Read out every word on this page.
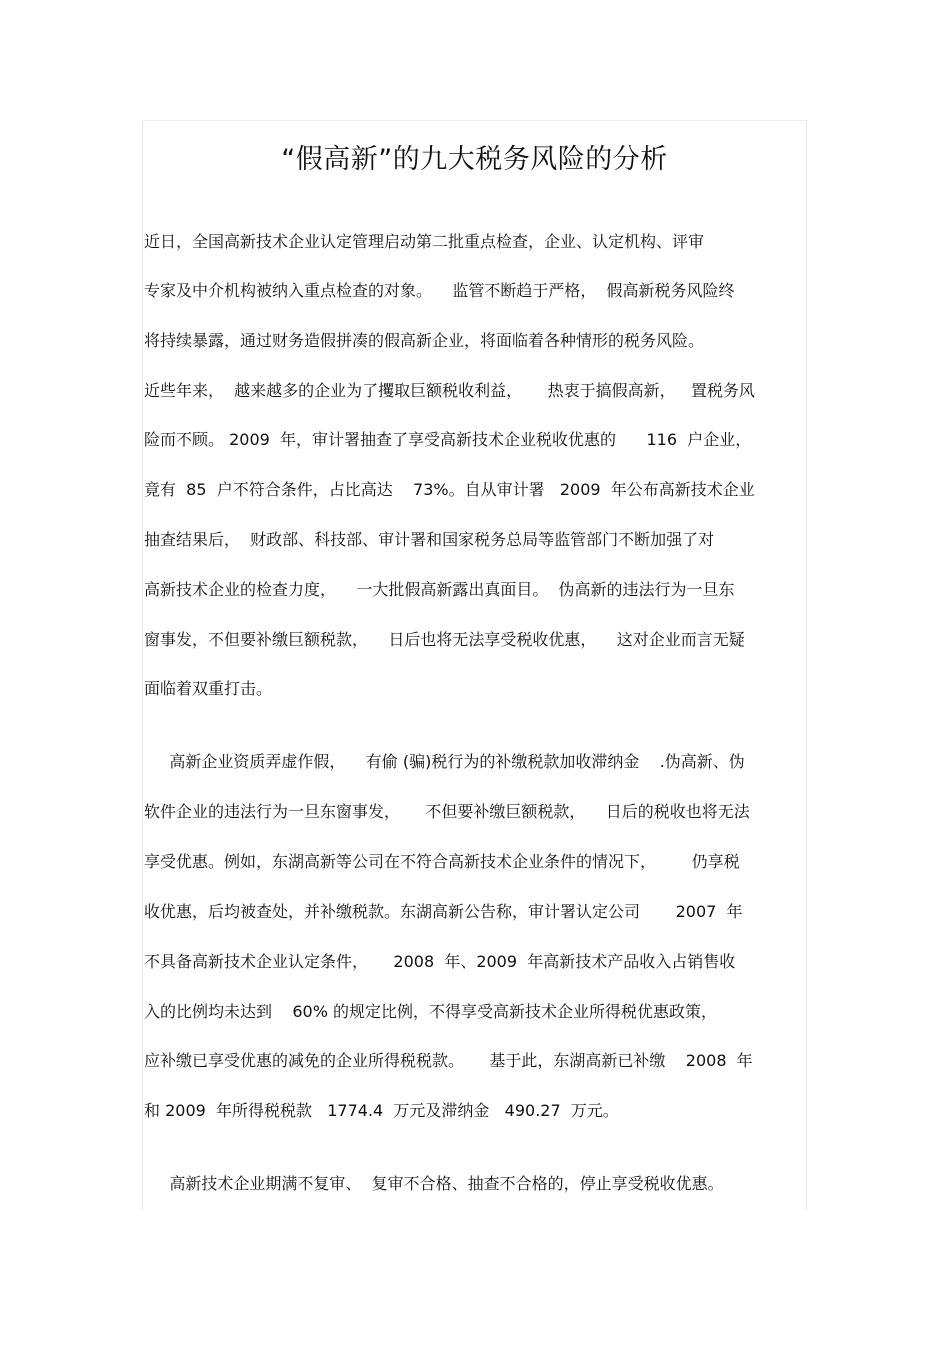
“假高新”的九大税务风险的分析
近日，全国高新技术企业认定管理启动第二批重点检查，企业、认定机构、评审
专家及中介机构被纳入重点检查的对象。    监管不断趋于严格，  假高新税务风险终
将持续暴露，通过财务造假拼凑的假高新企业，将面临着各种情形的税务风险。
近些年来，  越来越多的企业为了攫取巨额税收利益，     热衷于搞假高新，   置税务风
险而不顾。 2009  年，审计署抽查了享受高新技术企业税收优惠的      116  户企业，
竟有  85  户不符合条件，占比高达    73%。自从审计署   2009  年公布高新技术企业
抽查结果后，  财政部、科技部、审计署和国家税务总局等监管部门不断加强了对
高新技术企业的检查力度，    一大批假高新露出真面目。  伪高新的违法行为一旦东
窗事发，不但要补缴巨额税款，    日后也将无法享受税收优惠，    这对企业而言无疑
面临着双重打击。
高新企业资质弄虚作假，    有偷 (骗)税行为的补缴税款加收滞纳金    .伪高新、伪
软件企业的违法行为一旦东窗事发，     不但要补缴巨额税款，    日后的税收也将无法
享受优惠。例如，东湖高新等公司在不符合高新技术企业条件的情况下，       仍享税
收优惠，后均被查处，并补缴税款。东湖高新公告称，审计署认定公司       2007  年
不具备高新技术企业认定条件，     2008  年、2009  年高新技术产品收入占销售收
入的比例均未达到    60% 的规定比例，不得享受高新技术企业所得税优惠政策，
应补缴已享受优惠的减免的企业所得税税款。     基于此，东湖高新已补缴    2008  年
和 2009  年所得税税款   1774.4  万元及滞纳金   490.27  万元。
高新技术企业期满不复审、  复审不合格、抽查不合格的，停止享受税收优惠。
